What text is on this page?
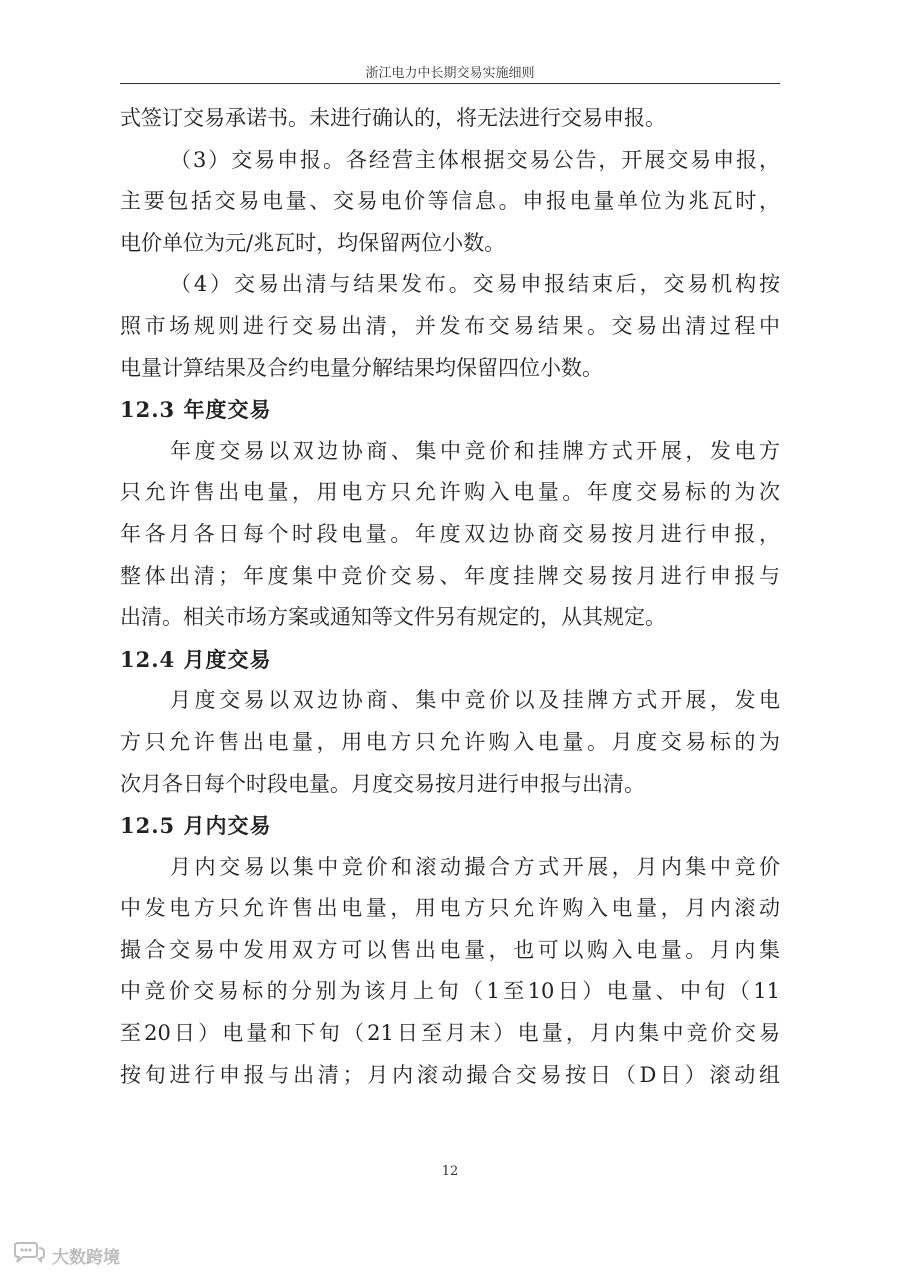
浙江电力中长期交易实施细则
式签订交易承诺书。未进行确认的，将无法进行交易申报。
（3）交易申报。各经营主体根据交易公告，开展交易申报，
主要包括交易电量、交易电价等信息。申报电量单位为兆瓦时，
电价单位为元/兆瓦时，均保留两位小数。
（4）交易出清与结果发布。交易申报结束后，交易机构按
照市场规则进行交易出清，并发布交易结果。交易出清过程中
电量计算结果及合约电量分解结果均保留四位小数。
12.3 年度交易
年度交易以双边协商、集中竞价和挂牌方式开展，发电方
只允许售出电量，用电方只允许购入电量。年度交易标的为次
年各月各日每个时段电量。年度双边协商交易按月进行申报，
整体出清；年度集中竞价交易、年度挂牌交易按月进行申报与
出清。相关市场方案或通知等文件另有规定的，从其规定。
12.4 月度交易
月度交易以双边协商、集中竞价以及挂牌方式开展，发电
方只允许售出电量，用电方只允许购入电量。月度交易标的为
次月各日每个时段电量。月度交易按月进行申报与出清。
12.5 月内交易
月内交易以集中竞价和滚动撮合方式开展，月内集中竞价
中发电方只允许售出电量，用电方只允许购入电量，月内滚动
撮合交易中发用双方可以售出电量，也可以购入电量。月内集
中竞价交易标的分别为该月上旬（1至10日）电量、中旬（11
至20日）电量和下旬（21日至月末）电量，月内集中竞价交易
按旬进行申报与出清；月内滚动撮合交易按日（D日）滚动组
12
大数跨境
